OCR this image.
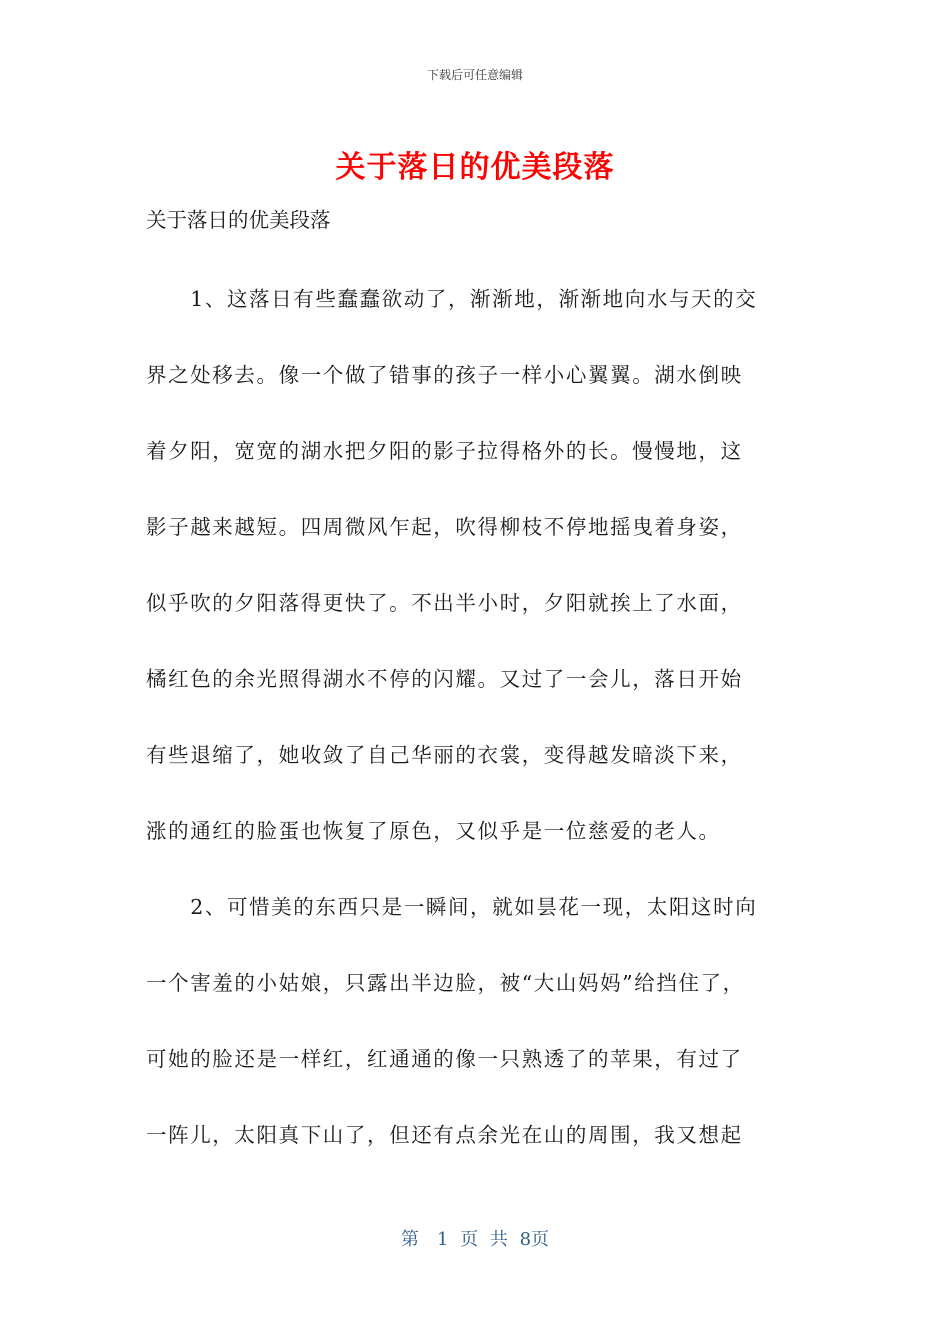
下载后可任意编辑
关于落日的优美段落

关于落日的优美段落

　　1、这落日有些蠢蠢欲动了，渐渐地，渐渐地向水与天的交
界之处移去。像一个做了错事的孩子一样小心翼翼。湖水倒映
着夕阳，宽宽的湖水把夕阳的影子拉得格外的长。慢慢地，这
影子越来越短。四周微风乍起，吹得柳枝不停地摇曳着身姿，
似乎吹的夕阳落得更快了。不出半小时，夕阳就挨上了水面，
橘红色的余光照得湖水不停的闪耀。又过了一会儿，落日开始
有些退缩了，她收敛了自己华丽的衣裳，变得越发暗淡下来，
涨的通红的脸蛋也恢复了原色，又似乎是一位慈爱的老人。
　　2、可惜美的东西只是一瞬间，就如昙花一现，太阳这时向
一个害羞的小姑娘，只露出半边脸，被“大山妈妈”给挡住了，
可她的脸还是一样红，红通通的像一只熟透了的苹果，有过了
一阵儿，太阳真下山了，但还有点余光在山的周围，我又想起
第　1 页 共 8页
